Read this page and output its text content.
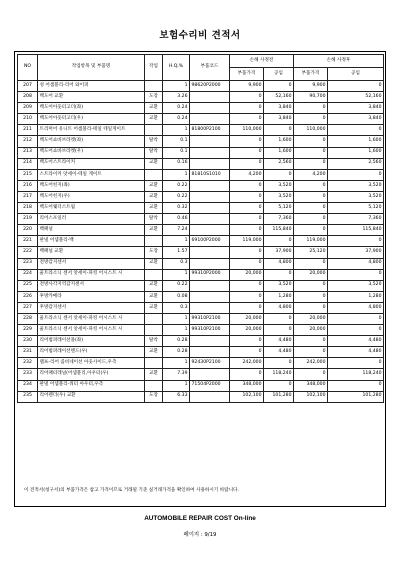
보험수리비 견적서
NO	작업항목 및 부품명	작업	H.Q,%	부품코드	손해 사정전		손해 사정후	
					부품가격	공임	부품가격	공임
207	성 어셈블리-리어 와이퍼		1	98620P2000	9,900	0	9,900	0
208	백도어 교환	도장	3.26		0	52,160	90,700	52,160
209	백도어아웃터고더(좌)	교환	0.24		0	3,840	0	3,840
210	백도어아웃터고더(우)	교환	0.24		0	3,840	0	3,840
211	트리머어 유니트 어셈블리-테일 테일게이트		1	81800P2100	110,000	0	110,000	0
212	백도어쇼바브라켓(좌)	탈착	0.1		0	1,600	0	1,600
213	백도어쇼바브라켓(우)	탈착	0.1		0	1,600	0	1,600
214	백도어스트라이커	교환	0.16		0	2,560	0	2,560
215	스트라이커 앗세이-테일 게이트		1	81810S1010	4,200	0	4,200	0
216	백도어힌지(좌)	교환	0.22		0	3,520	0	3,520
217	백도어힌지(우)	교환	0.22		0	3,520	0	3,520
218	백도어웨더스트립	교환	0.32		0	5,120	0	5,120
219	리어스포일러	탈착	0.46		0	7,360	0	7,360
220	백패널	교환	7.24		0	115,840	0	115,840
221	판넬 어셈블리-백		1	69100P2000	119,000	0	119,000	0
222	백패널 교환	도장	1.57		0	37,900	25,120	37,900
223	전방감지센서	교환	0.3		0	4,800	0	4,800
224	울트라소닉 센서 앗세이-파킹 어시스트 시		1	99310P2000	20,000	0	20,000	0
225	전방사각지역감지센서	교환	0.22		0	3,520	0	3,520
226	후방카메라	교환	0.08		0	1,280	0	1,280
227	후방감지센서	교환	0.3		0	4,800	0	4,800
228	울트라소닉 센서 앗세이-파킹 어시스트 시		1	99310P2100	20,000	0	20,000	0
229	울트라소닉 센서 앗세이-파킹 어시스트 시		1	99310P2100	20,000	0	20,000	0
230	리어범퍼레이션몰(좌)	탈착	0.28		0	4,480	0	4,480
231	리어범퍼레이션랜드(우)	교환	0.28		0	4,480	0	4,480
232	램프-리어 콤비네이션 아웃사이드,우측		1	92430P2100	242,000	0	242,000	0
233	리어패터레널(어셈블리,아우터(우)	교환	7.39		0	118,240	0	118,240
234	판넬 어셈블리-쿼터 아우터,우측		1	71504P2000	348,000	0	348,000	0
235	리어펜더(우) 교환	도장	6.33		102,100	101,280	102,100	101,280
이 견적서(청구서)의 부품가격은 참고 가격이므로 거래될 기준 실거래가격을 확인하여 사용하시기 바랍니다.
AUTOMOBILE REPAIR COST On-line
페이지 : 9/19
